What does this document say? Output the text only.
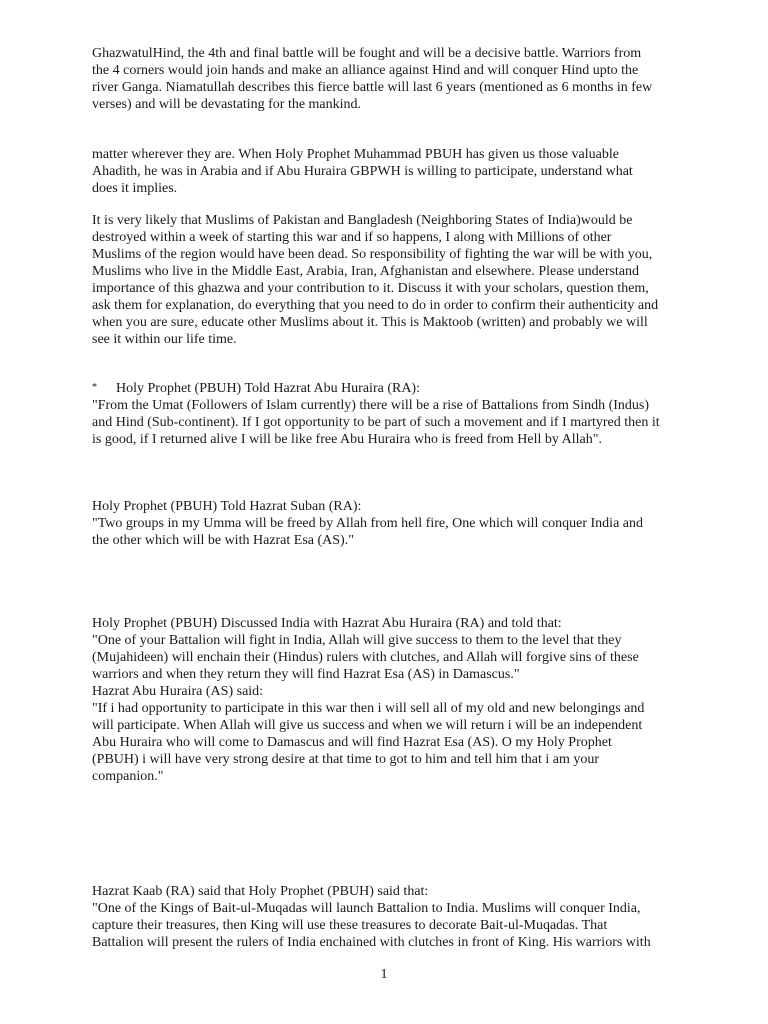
GhazwatulHind, the 4th and final battle will be fought and will be a decisive battle. Warriors from
the 4 corners would join hands and make an alliance against Hind and will conquer Hind upto the
river Ganga. Niamatullah describes this fierce battle will last 6 years (mentioned as 6 months in few
verses) and will be devastating for the mankind.
matter wherever they are. When Holy Prophet Muhammad PBUH has given us those valuable
Ahadith, he was in Arabia and if Abu Huraira GBPWH is willing to participate, understand what
does it implies.
It is very likely that Muslims of Pakistan and Bangladesh (Neighboring States of India)would be
destroyed within a week of starting this war and if so happens, I along with Millions of other
Muslims of the region would have been dead. So responsibility of fighting the war will be with you,
Muslims who live in the Middle East, Arabia, Iran, Afghanistan and elsewhere. Please understand
importance of this ghazwa and your contribution to it. Discuss it with your scholars, question them,
ask them for explanation, do everything that you need to do in order to confirm their authenticity and
when you are sure, educate other Muslims about it. This is Maktoob (written) and probably we will
see it within our life time.
* Holy Prophet (PBUH) Told Hazrat Abu Huraira (RA):
"From the Umat (Followers of Islam currently) there will be a rise of Battalions from Sindh (Indus)
and Hind (Sub-continent). If I got opportunity to be part of such a movement and if I martyred then it
is good, if I returned alive I will be like free Abu Huraira who is freed from Hell by Allah".
Holy Prophet (PBUH) Told Hazrat Suban (RA):
"Two groups in my Umma will be freed by Allah from hell fire, One which will conquer India and
the other which will be with Hazrat Esa (AS)."
Holy Prophet (PBUH) Discussed India with Hazrat Abu Huraira (RA) and told that:
"One of your Battalion will fight in India, Allah will give success to them to the level that they
(Mujahideen) will enchain their (Hindus) rulers with clutches, and Allah will forgive sins of these
warriors and when they return they will find Hazrat Esa (AS) in Damascus."
Hazrat Abu Huraira (AS) said:
"If i had opportunity to participate in this war then i will sell all of my old and new belongings and
will participate. When Allah will give us success and when we will return i will be an independent
Abu Huraira who will come to Damascus and will find Hazrat Esa (AS). O my Holy Prophet
(PBUH) i will have very strong desire at that time to got to him and tell him that i am your
companion."
Hazrat Kaab (RA) said that Holy Prophet (PBUH) said that:
"One of the Kings of Bait-ul-Muqadas will launch Battalion to India. Muslims will conquer India,
capture their treasures, then King will use these treasures to decorate Bait-ul-Muqadas. That
Battalion will present the rulers of India enchained with clutches in front of King. His warriors with
1
